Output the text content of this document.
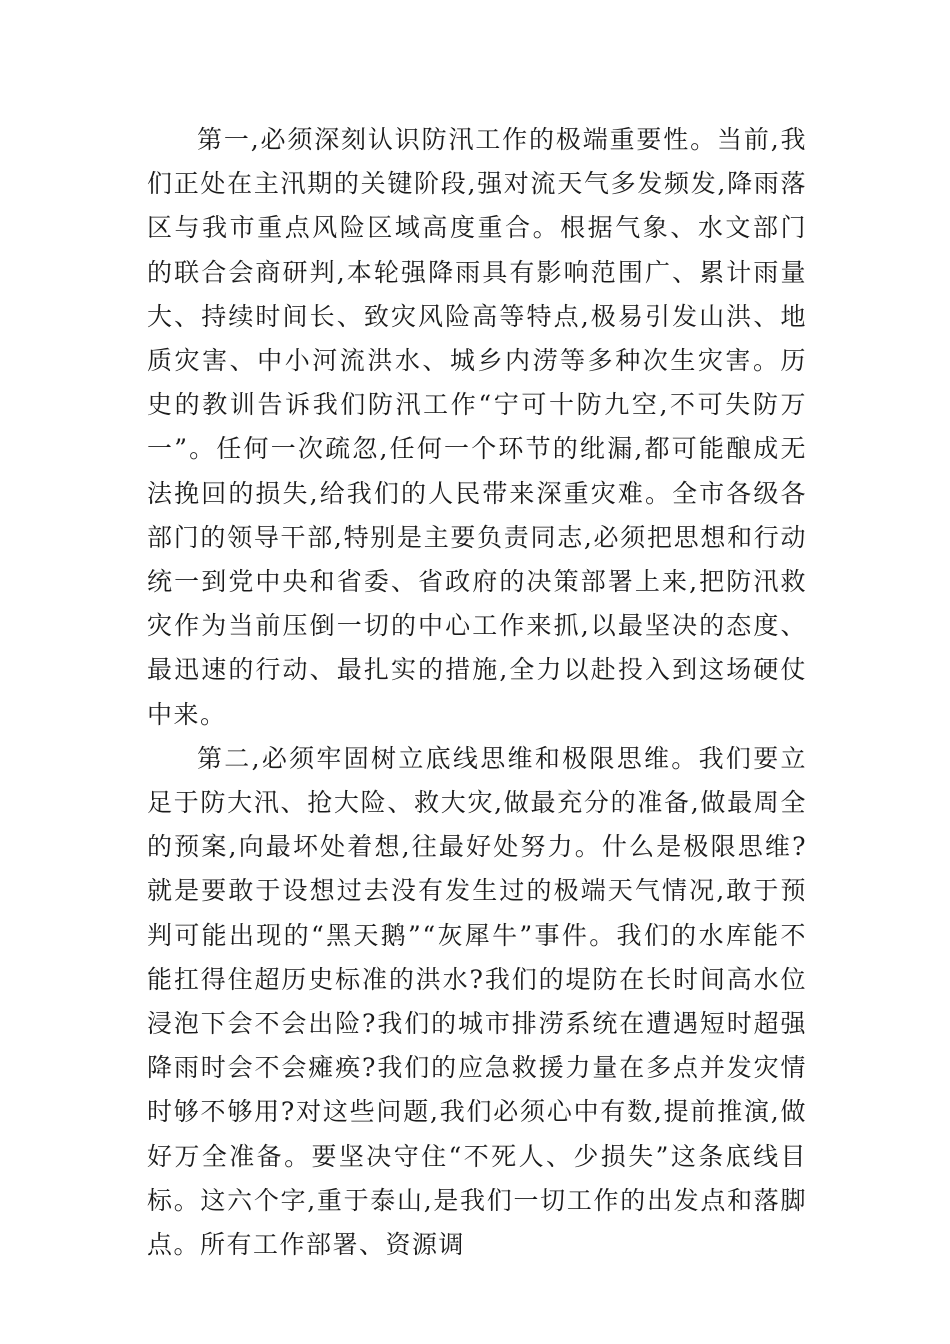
第一,必须深刻认识防汛工作的极端重要性。当前,我们正处在主汛期的关键阶段,强对流天气多发频发,降雨落区与我市重点风险区域高度重合。根据气象、水文部门的联合会商研判,本轮强降雨具有影响范围广、累计雨量大、持续时间长、致灾风险高等特点,极易引发山洪、地质灾害、中小河流洪水、城乡内涝等多种次生灾害。历史的教训告诉我们防汛工作“宁可十防九空,不可失防万一”。任何一次疏忽,任何一个环节的纰漏,都可能酿成无法挽回的损失,给我们的人民带来深重灾难。全市各级各部门的领导干部,特别是主要负责同志,必须把思想和行动统一到党中央和省委、省政府的决策部署上来,把防汛救灾作为当前压倒一切的中心工作来抓,以最坚决的态度、最迅速的行动、最扎实的措施,全力以赴投入到这场硬仗中来。

第二,必须牢固树立底线思维和极限思维。我们要立足于防大汛、抢大险、救大灾,做最充分的准备,做最周全的预案,向最坏处着想,往最好处努力。什么是极限思维?就是要敢于设想过去没有发生过的极端天气情况,敢于预判可能出现的“黑天鹅”“灰犀牛”事件。我们的水库能不能扛得住超历史标准的洪水?我们的堤防在长时间高水位浸泡下会不会出险?我们的城市排涝系统在遭遇短时超强降雨时会不会瘫痪?我们的应急救援力量在多点并发灾情时够不够用?对这些问题,我们必须心中有数,提前推演,做好万全准备。要坚决守住“不死人、少损失”这条底线目标。这六个字,重于泰山,是我们一切工作的出发点和落脚点。所有工作部署、资源调
